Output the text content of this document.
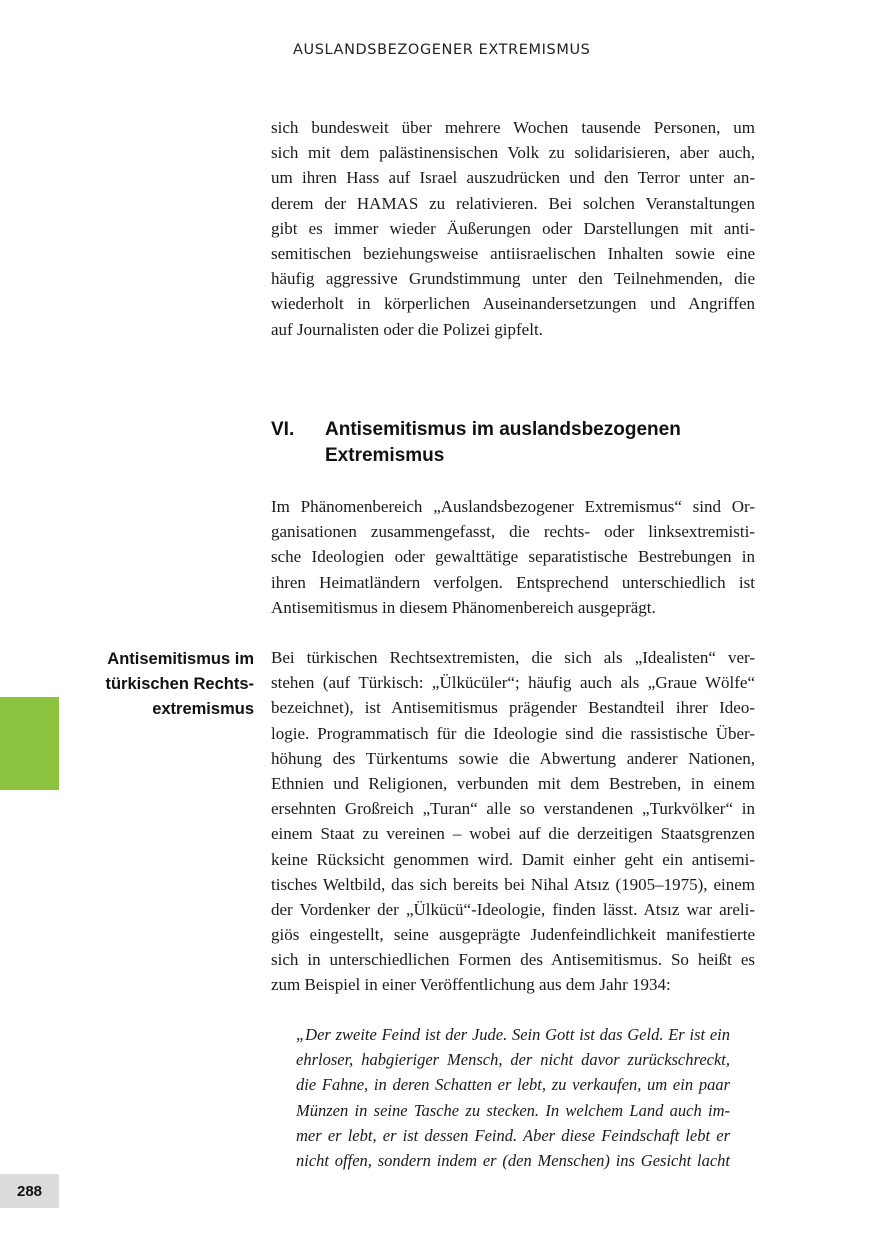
AUSLANDSBEZOGENER EXTREMISMUS
sich bundesweit über mehrere Wochen tausende Personen, um
sich mit dem palästinensischen Volk zu solidarisieren, aber auch,
um ihren Hass auf Israel auszudrücken und den Terror unter an-
derem der HAMAS zu relativieren. Bei solchen Veranstaltungen
gibt es immer wieder Äußerungen oder Darstellungen mit anti-
semitischen beziehungsweise antiisraelischen Inhalten sowie eine
häufig aggressive Grundstimmung unter den Teilnehmenden, die
wiederholt in körperlichen Auseinandersetzungen und Angriffen
auf Journalisten oder die Polizei gipfelt.
VI.	Antisemitismus im auslandsbezogenen Extremismus
Im Phänomenbereich „Auslandsbezogener Extremismus“ sind Or-
ganisationen zusammengefasst, die rechts- oder linksextremisti-
sche Ideologien oder gewalttätige separatistische Bestrebungen in
ihren Heimatländern verfolgen. Entsprechend unterschiedlich ist
Antisemitismus in diesem Phänomenbereich ausgeprägt.
Antisemitismus im
türkischen Rechts-
extremismus
Bei türkischen Rechtsextremisten, die sich als „Idealisten“ ver-
stehen (auf Türkisch: „Ülkücüler“; häufig auch als „Graue Wölfe“
bezeichnet), ist Antisemitismus prägender Bestandteil ihrer Ideo-
logie. Programmatisch für die Ideologie sind die rassistische Über-
höhung des Türkentums sowie die Abwertung anderer Nationen,
Ethnien und Religionen, verbunden mit dem Bestreben, in einem
ersehnten Großreich „Turan“ alle so verstandenen „Turkvölker“ in
einem Staat zu vereinen – wobei auf die derzeitigen Staatsgrenzen
keine Rücksicht genommen wird. Damit einher geht ein antisemi-
tisches Weltbild, das sich bereits bei Nihal Atsız (1905–1975), einem
der Vordenker der „Ülkücü“-Ideologie, finden lässt. Atsız war areli-
giös eingestellt, seine ausgeprägte Judenfeindlichkeit manifestierte
sich in unterschiedlichen Formen des Antisemitismus. So heißt es
zum Beispiel in einer Veröffentlichung aus dem Jahr 1934:
„Der zweite Feind ist der Jude. Sein Gott ist das Geld. Er ist ein
ehrloser, habgieriger Mensch, der nicht davor zurückschreckt,
die Fahne, in deren Schatten er lebt, zu verkaufen, um ein paar
Münzen in seine Tasche zu stecken. In welchem Land auch im-
mer er lebt, er ist dessen Feind. Aber diese Feindschaft lebt er
nicht offen, sondern indem er (den Menschen) ins Gesicht lacht
288
